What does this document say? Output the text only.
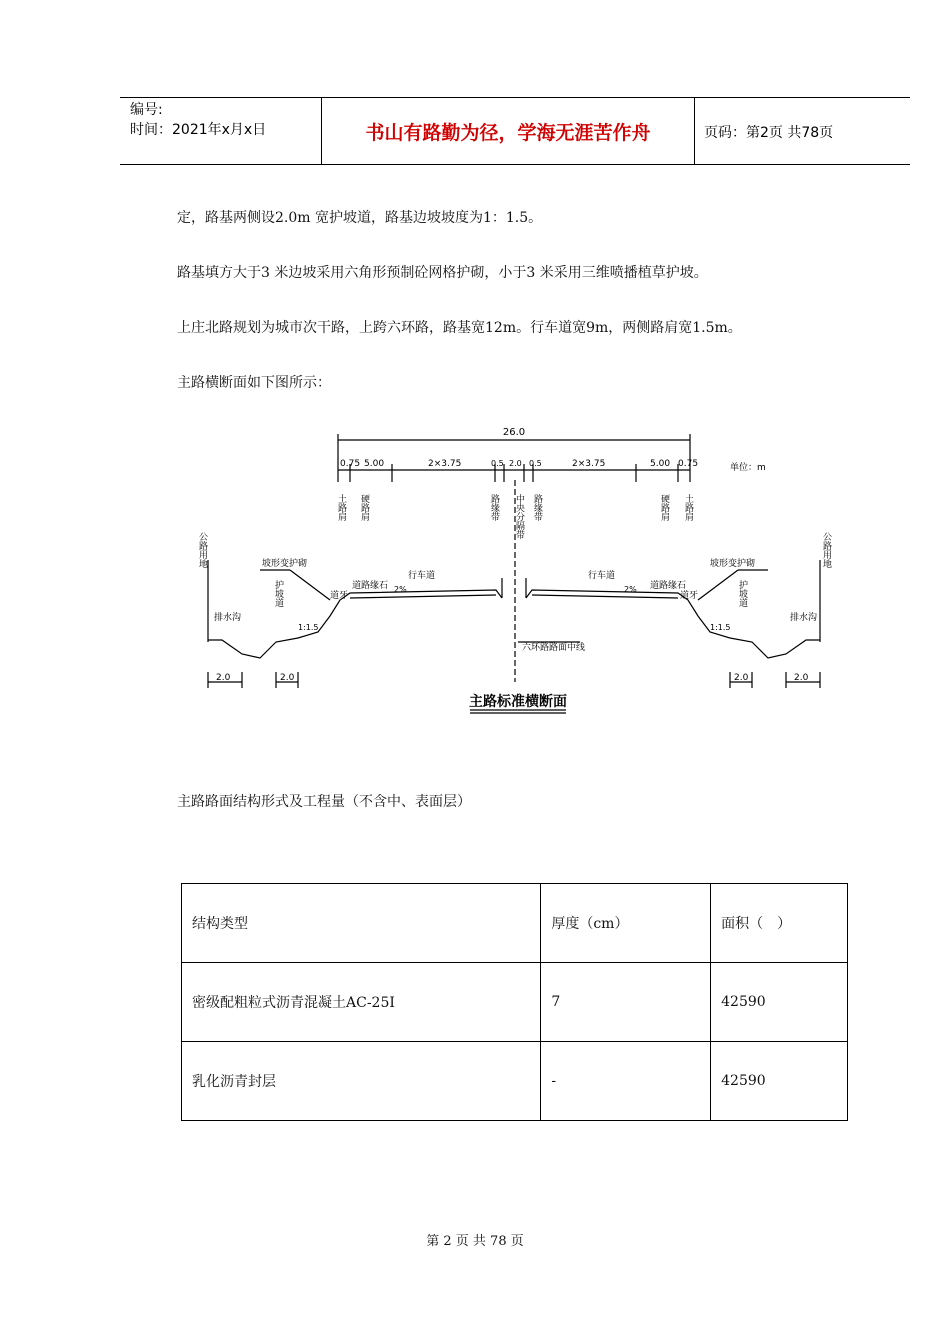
编号:
时间：2021年x月x日	书山有路勤为径，学海无涯苦作舟	页码：第2页 共78页
定，路基两侧设2.0m 宽护坡道，路基边坡坡度为1：1.5。
路基填方大于3 米边坡采用六角形预制砼网格护砌，小于3 米采用三维喷播植草护坡。
上庄北路规划为城市次干路，上跨六环路，路基宽12m。行车道宽9m，两侧路肩宽1.5m。
主路横断面如下图所示：
26.0
0.75 5.00	2×3.75	0.5 2.0 0.5	2×3.75	5.00 0.75	单位：m
土路肩 硬路肩	路缘带 中央分隔带 路缘带	硬路肩 土路肩
公路用地
排水沟
坡形变护砌
护坡道	道牙
1:1.5
道路缘石
行车道
2%
公路用地
排水沟
坡形变护砌
护坡道
道牙
1:1.5
道路缘石
行车道
2%
六环路路面中线
2.0	2.0	2.0	2.0
主路标准横断面
主路路面结构形式及工程量（不含中、表面层）
结构类型	厚度（cm）	面积（　）
密级配粗粒式沥青混凝土AC-25Ⅰ	7	42590
乳化沥青封层	-	42590
第 2 页 共 78 页
